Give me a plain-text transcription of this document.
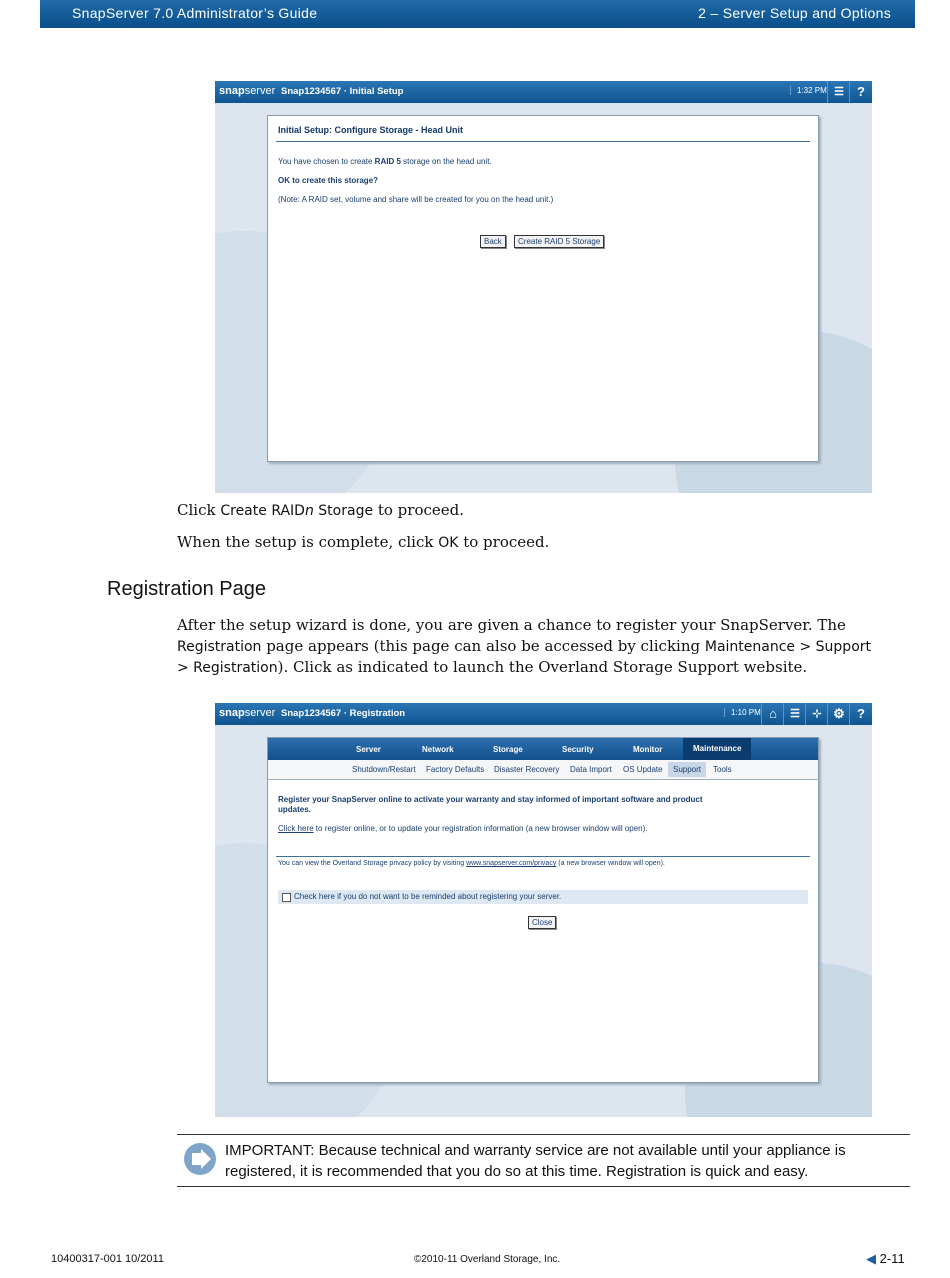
SnapServer 7.0 Administrator’s Guide	2 – Server Setup and Options
snapserver Snap1234567 · Initial Setup	1:32 PM ☰	?
Initial Setup: Configure Storage - Head Unit
You have chosen to create RAID 5 storage on the head unit.
OK to create this storage?
(Note: A RAID set, volume and share will be created for you on the head unit.)
Back	Create RAID 5 Storage
Click Create RAIDn Storage to proceed.
When the setup is complete, click OK to proceed.
Registration Page
After the setup wizard is done, you are given a chance to register your SnapServer. The
Registration page appears (this page can also be accessed by clicking Maintenance > Support
> Registration). Click as indicated to launch the Overland Storage Support website.
snapserver Snap1234567 · Registration	1:10 PM ⌂	☰	⊹ ⚙ ?
Server	Network	Storage	Security	Monitor	Maintenance
Shutdown/Restart Factory Defaults Disaster Recovery Data Import OS Update	Support	Tools
Register your SnapServer online to activate your warranty and stay informed of important software and product
updates.
Click here to register online, or to update your registration information (a new browser window will open).
You can view the Overland Storage privacy policy by visiting www.snapserver.com/privacy (a new browser window will open).
Check here if you do not want to be reminded about registering your server.
Close
IMPORTANT: Because technical and warranty service are not available until your appliance is
registered, it is recommended that you do so at this time. Registration is quick and easy.
10400317-001 10/2011	©2010-11 Overland Storage, Inc.	◀ 2-11
